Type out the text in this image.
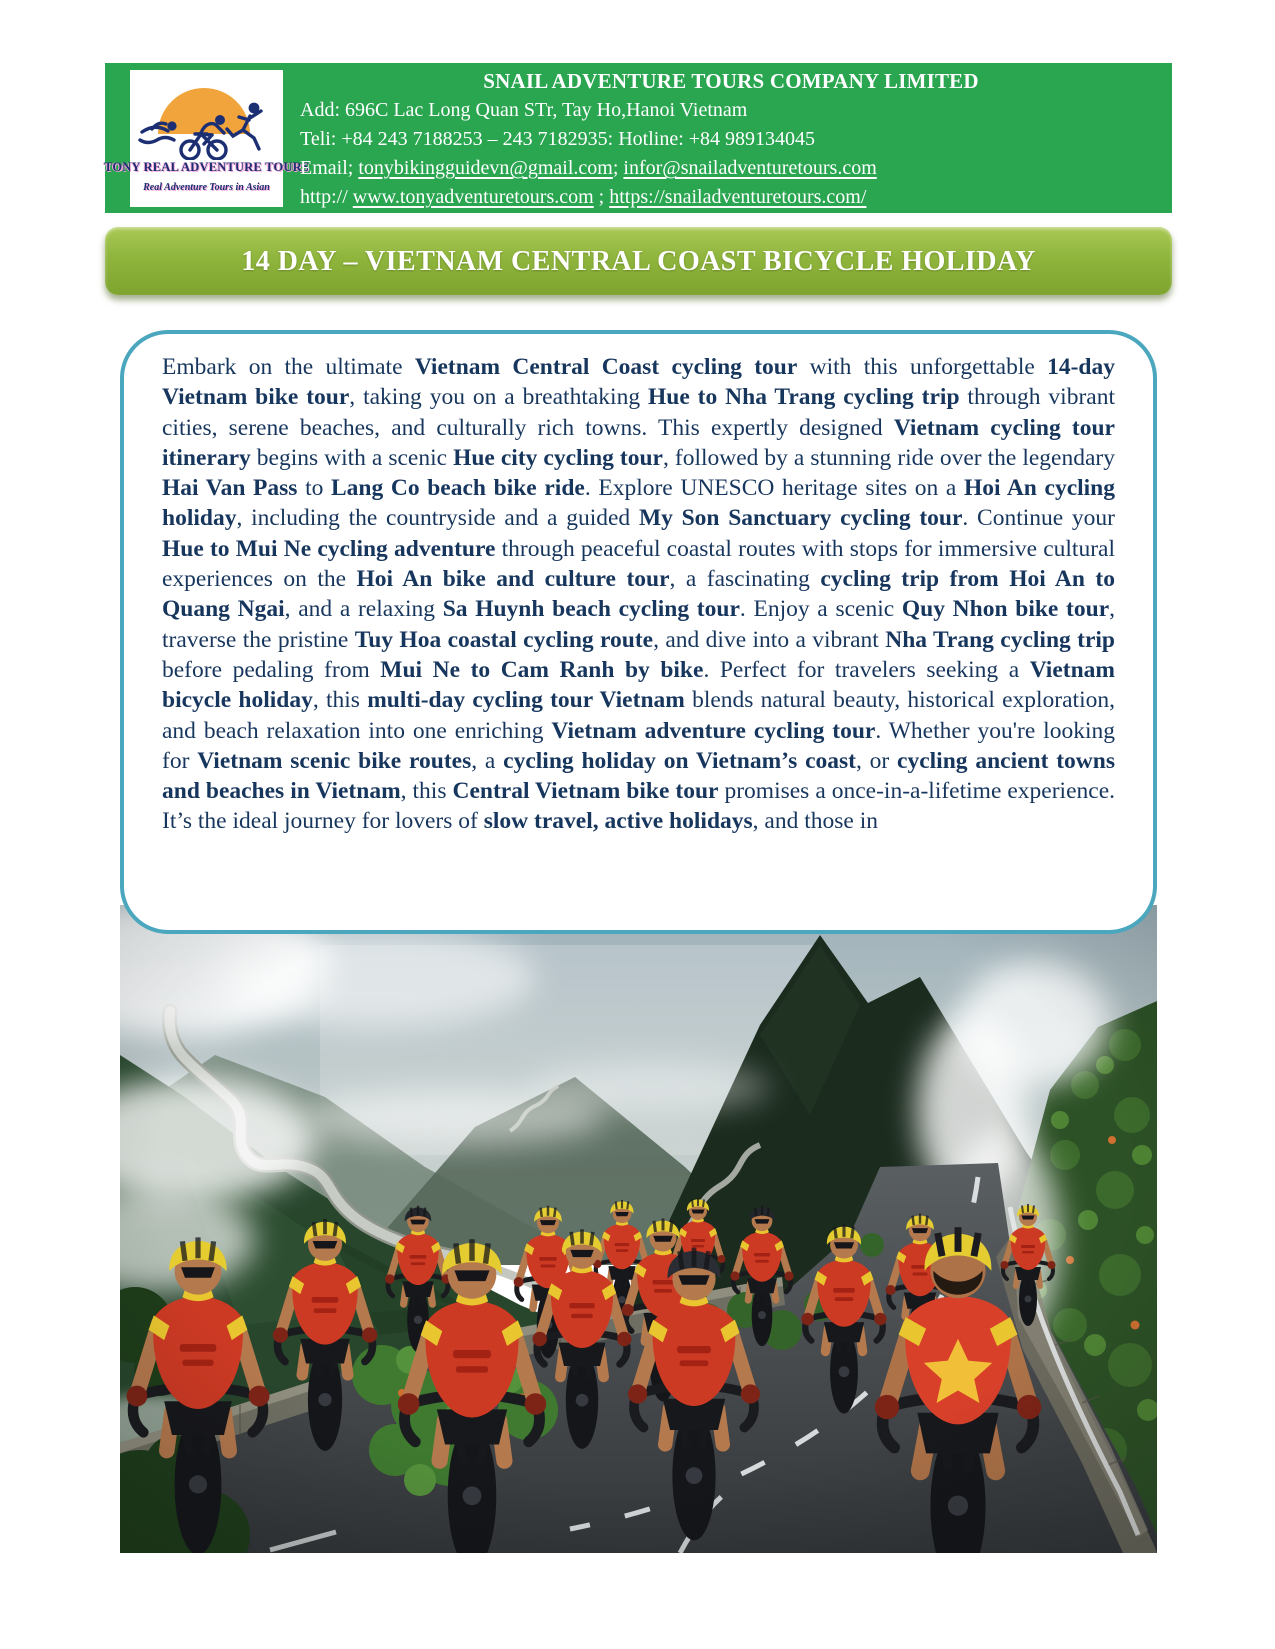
TONY REAL ADVENTURE TOURS
Real Adventure Tours in Asian
SNAIL ADVENTURE TOURS COMPANY LIMITED
Add: 696C Lac Long Quan STr, Tay Ho,Hanoi Vietnam
Teli: +84 243 7188253 – 243 7182935: Hotline: +84 989134045
Email; tonybikingguidevn@gmail.com; infor@snailadventuretours.com
http:// www.tonyadventuretours.com ; https://snailadventuretours.com/
14 DAY – VIETNAM CENTRAL COAST BICYCLE HOLIDAY

Embark on the ultimate Vietnam Central Coast cycling tour with this unforgettable 14-day Vietnam bike tour, taking you on a breathtaking Hue to Nha Trang cycling trip through vibrant cities, serene beaches, and culturally rich towns. This expertly designed Vietnam cycling tour itinerary begins with a scenic Hue city cycling tour, followed by a stunning ride over the legendary Hai Van Pass to Lang Co beach bike ride. Explore UNESCO heritage sites on a Hoi An cycling holiday, including the countryside and a guided My Son Sanctuary cycling tour. Continue your Hue to Mui Ne cycling adventure through peaceful coastal routes with stops for immersive cultural experiences on the Hoi An bike and culture tour, a fascinating cycling trip from Hoi An to Quang Ngai, and a relaxing Sa Huynh beach cycling tour. Enjoy a scenic Quy Nhon bike tour, traverse the pristine Tuy Hoa coastal cycling route, and dive into a vibrant Nha Trang cycling trip before pedaling from Mui Ne to Cam Ranh by bike. Perfect for travelers seeking a Vietnam bicycle holiday, this multi-day cycling tour Vietnam blends natural beauty, historical exploration, and beach relaxation into one enriching Vietnam adventure cycling tour. Whether you're looking for Vietnam scenic bike routes, a cycling holiday on Vietnam’s coast, or cycling ancient towns and beaches in Vietnam, this Central Vietnam bike tour promises a once-in-a-lifetime experience. It’s the ideal journey for lovers of slow travel, active holidays, and those in
